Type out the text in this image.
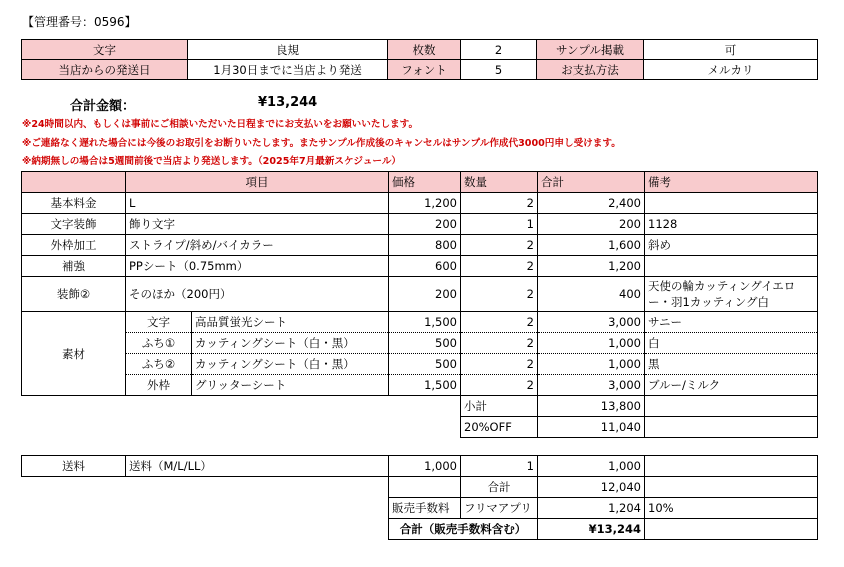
【管理番号：0596】
文字	良規	枚数	2	サンプル掲載	可
当店からの発送日	1月30日までに当店より発送	フォント	5	お支払方法	メルカリ
合計金額：	¥13,244
※24時間以内、もしくは事前にご相談いただいた日程までにお支払いをお願いいたします。
※ご連絡なく遅れた場合には今後のお取引をお断りいたします。またサンプル作成後のキャンセルはサンプル作成代3000円申し受けます。
※納期無しの場合は5週間前後で当店より発送します。（2025年7月最新スケジュール）
	項目		価格	数量	合計	備考
基本料金	L		1,200	2	2,400	
文字装飾	飾り文字		200	1	200	1128
外枠加工	ストライプ/斜め/バイカラー		800	2	1,600	斜め
補強	PPシート（0.75mm）		600	2	1,200	
装飾②	そのほか（200円）		200	2	400	天使の輪カッティングイエロー・羽1カッティング白
素材	文字	高品質蛍光シート	1,500	2	3,000	サニー
	ふち①	カッティングシート（白・黒）	500	2	1,000	白
	ふち②	カッティングシート（白・黒）	500	2	1,000	黒
	外枠	グリッターシート	1,500	2	3,000	ブルー/ミルク
				小計	13,800	
				20%OFF	11,040	
送料	送料（M/L/LL）		1,000	1	1,000	
				合計	12,040	
			販売手数料	フリマアプリ	1,204	10%
			合計（販売手数料含む）		¥13,244	
